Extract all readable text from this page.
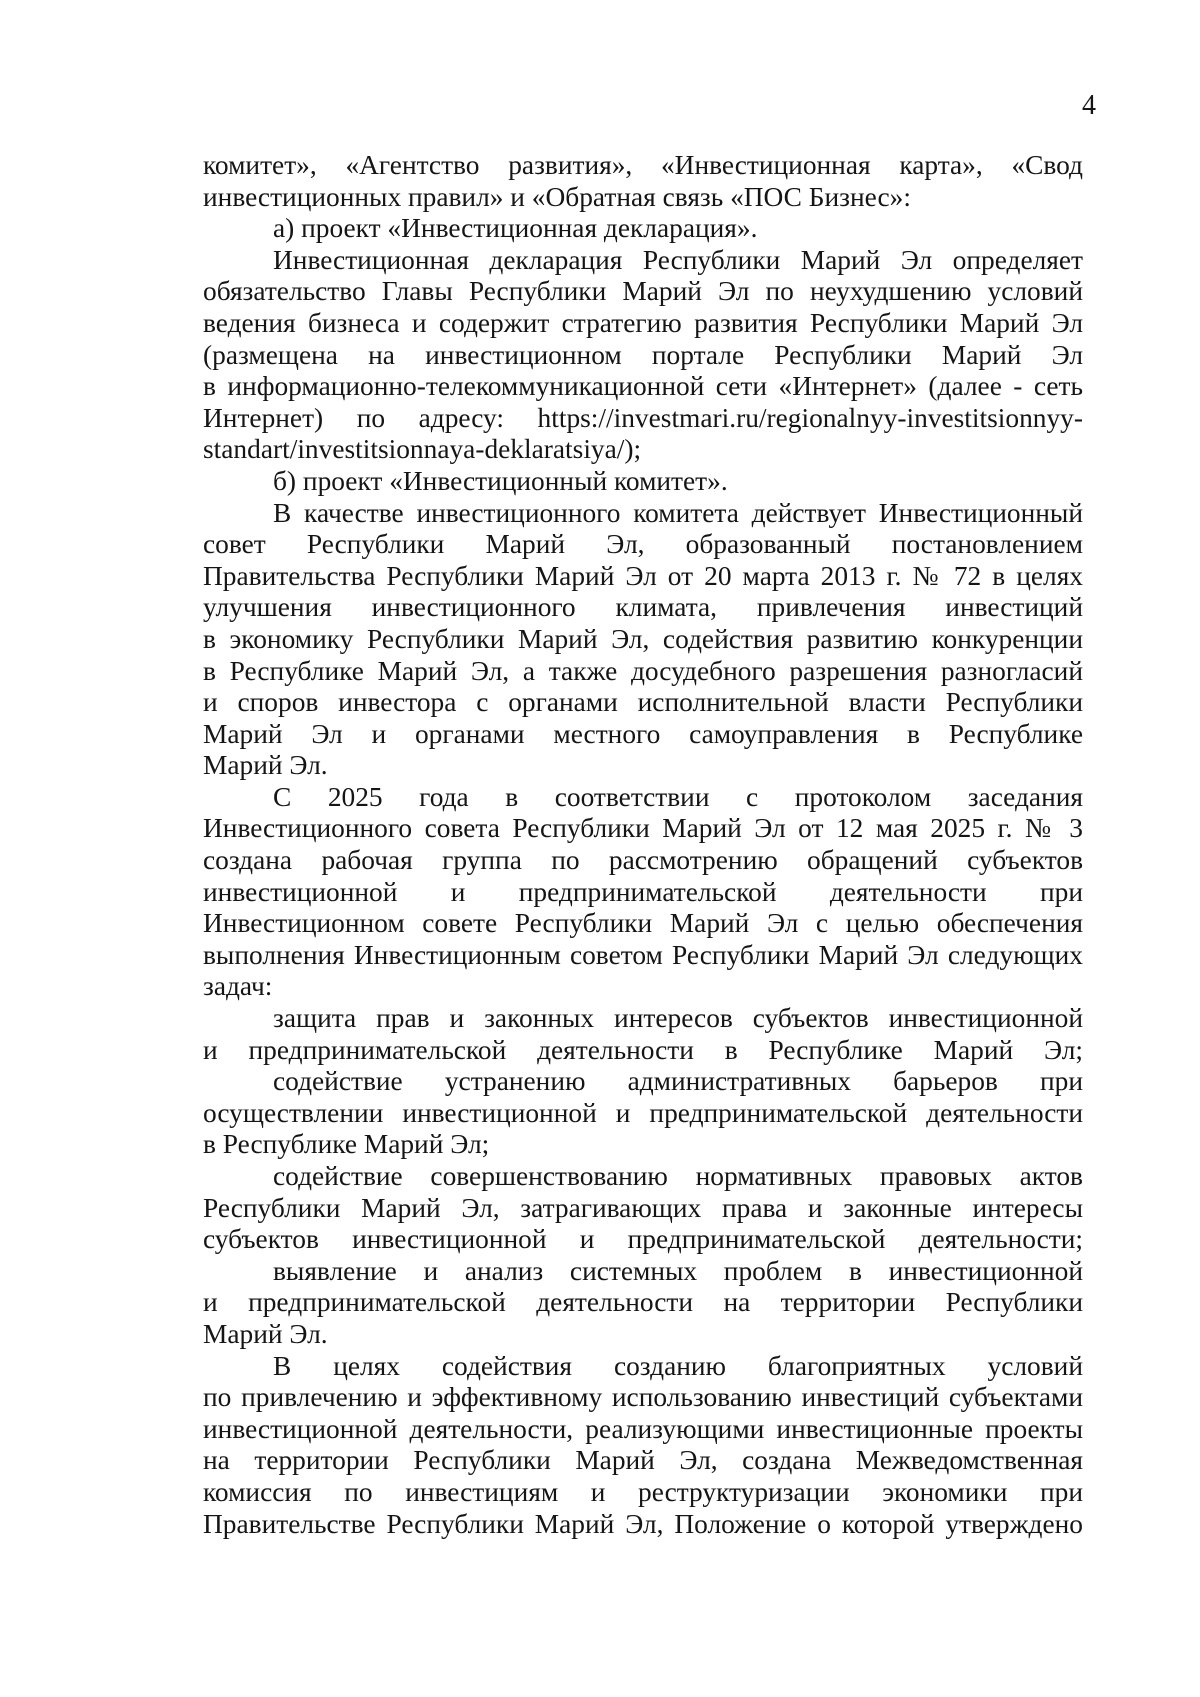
4

комитет», «Агентство развития», «Инвестиционная карта», «Свод
инвестиционных правил» и «Обратная связь «ПОС Бизнес»:

а) проект «Инвестиционная декларация».

Инвестиционная декларация Республики Марий Эл определяет
обязательство Главы Республики Марий Эл по неухудшению условий
ведения бизнеса и содержит стратегию развития Республики Марий Эл
(размещена на инвестиционном портале Республики Марий Эл
в информационно-телекоммуникационной сети «Интернет» (далее - сеть
Интернет) по адресу: https://investmari.ru/regionalnyy-investitsionnyy-
standart/investitsionnaya-deklaratsiya/);

б) проект «Инвестиционный комитет».

В качестве инвестиционного комитета действует Инвестиционный
совет Республики Марий Эл, образованный постановлением
Правительства Республики Марий Эл от 20 марта 2013 г. № 72 в целях
улучшения инвестиционного климата, привлечения инвестиций
в экономику Республики Марий Эл, содействия развитию конкуренции
в Республике Марий Эл, а также досудебного разрешения разногласий
и споров инвестора с органами исполнительной власти Республики
Марий Эл и органами местного самоуправления в Республике
Марий Эл.

С 2025 года в соответствии с протоколом заседания
Инвестиционного совета Республики Марий Эл от 12 мая 2025 г. № 3
создана рабочая группа по рассмотрению обращений субъектов
инвестиционной и предпринимательской деятельности при
Инвестиционном совете Республики Марий Эл с целью обеспечения
выполнения Инвестиционным советом Республики Марий Эл следующих
задач:

защита прав и законных интересов субъектов инвестиционной
и предпринимательской деятельности в Республике Марий Эл;

содействие устранению административных барьеров при
осуществлении инвестиционной и предпринимательской деятельности
в Республике Марий Эл;

содействие совершенствованию нормативных правовых актов
Республики Марий Эл, затрагивающих права и законные интересы
субъектов инвестиционной и предпринимательской деятельности;

выявление и анализ системных проблем в инвестиционной
и предпринимательской деятельности на территории Республики
Марий Эл.

В целях содействия созданию благоприятных условий
по привлечению и эффективному использованию инвестиций субъектами
инвестиционной деятельности, реализующими инвестиционные проекты
на территории Республики Марий Эл, создана Межведомственная
комиссия по инвестициям и реструктуризации экономики при
Правительстве Республики Марий Эл, Положение о которой утверждено
